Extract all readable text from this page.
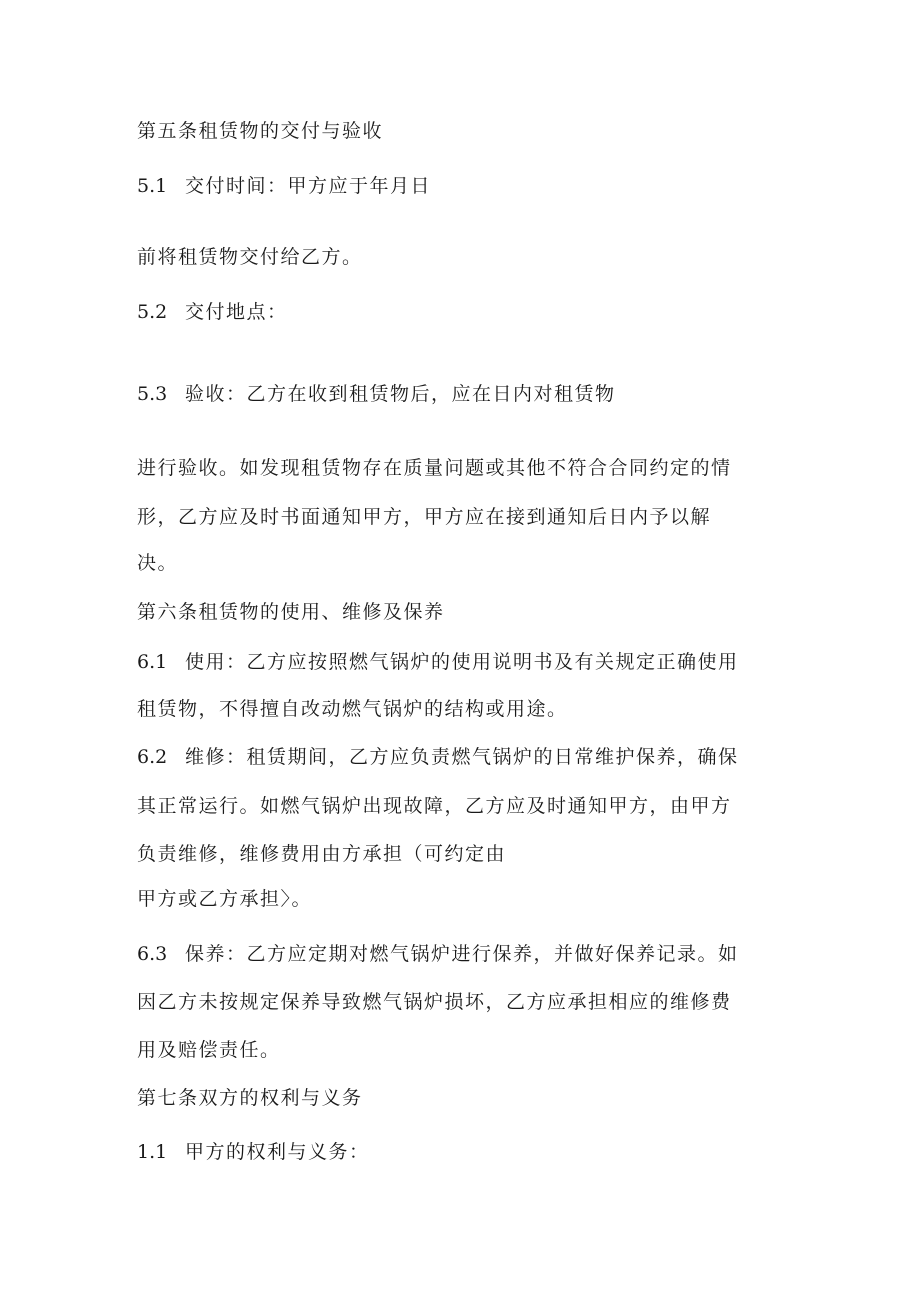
第五条租赁物的交付与验收
5.1 交付时间：甲方应于年月日
前将租赁物交付给乙方。
5.2 交付地点：
5.3 验收：乙方在收到租赁物后，应在日内对租赁物
进行验收。如发现租赁物存在质量问题或其他不符合合同约定的情
形，乙方应及时书面通知甲方，甲方应在接到通知后日内予以解
决。
第六条租赁物的使用、维修及保养
6.1 使用：乙方应按照燃气锅炉的使用说明书及有关规定正确使用
租赁物，不得擅自改动燃气锅炉的结构或用途。
6.2 维修：租赁期间，乙方应负责燃气锅炉的日常维护保养，确保
其正常运行。如燃气锅炉出现故障，乙方应及时通知甲方，由甲方
负责维修，维修费用由方承担（可约定由
甲方或乙方承担〉。
6.3 保养：乙方应定期对燃气锅炉进行保养，并做好保养记录。如
因乙方未按规定保养导致燃气锅炉损坏，乙方应承担相应的维修费
用及赔偿责任。
第七条双方的权利与义务
1.1 甲方的权利与义务：
